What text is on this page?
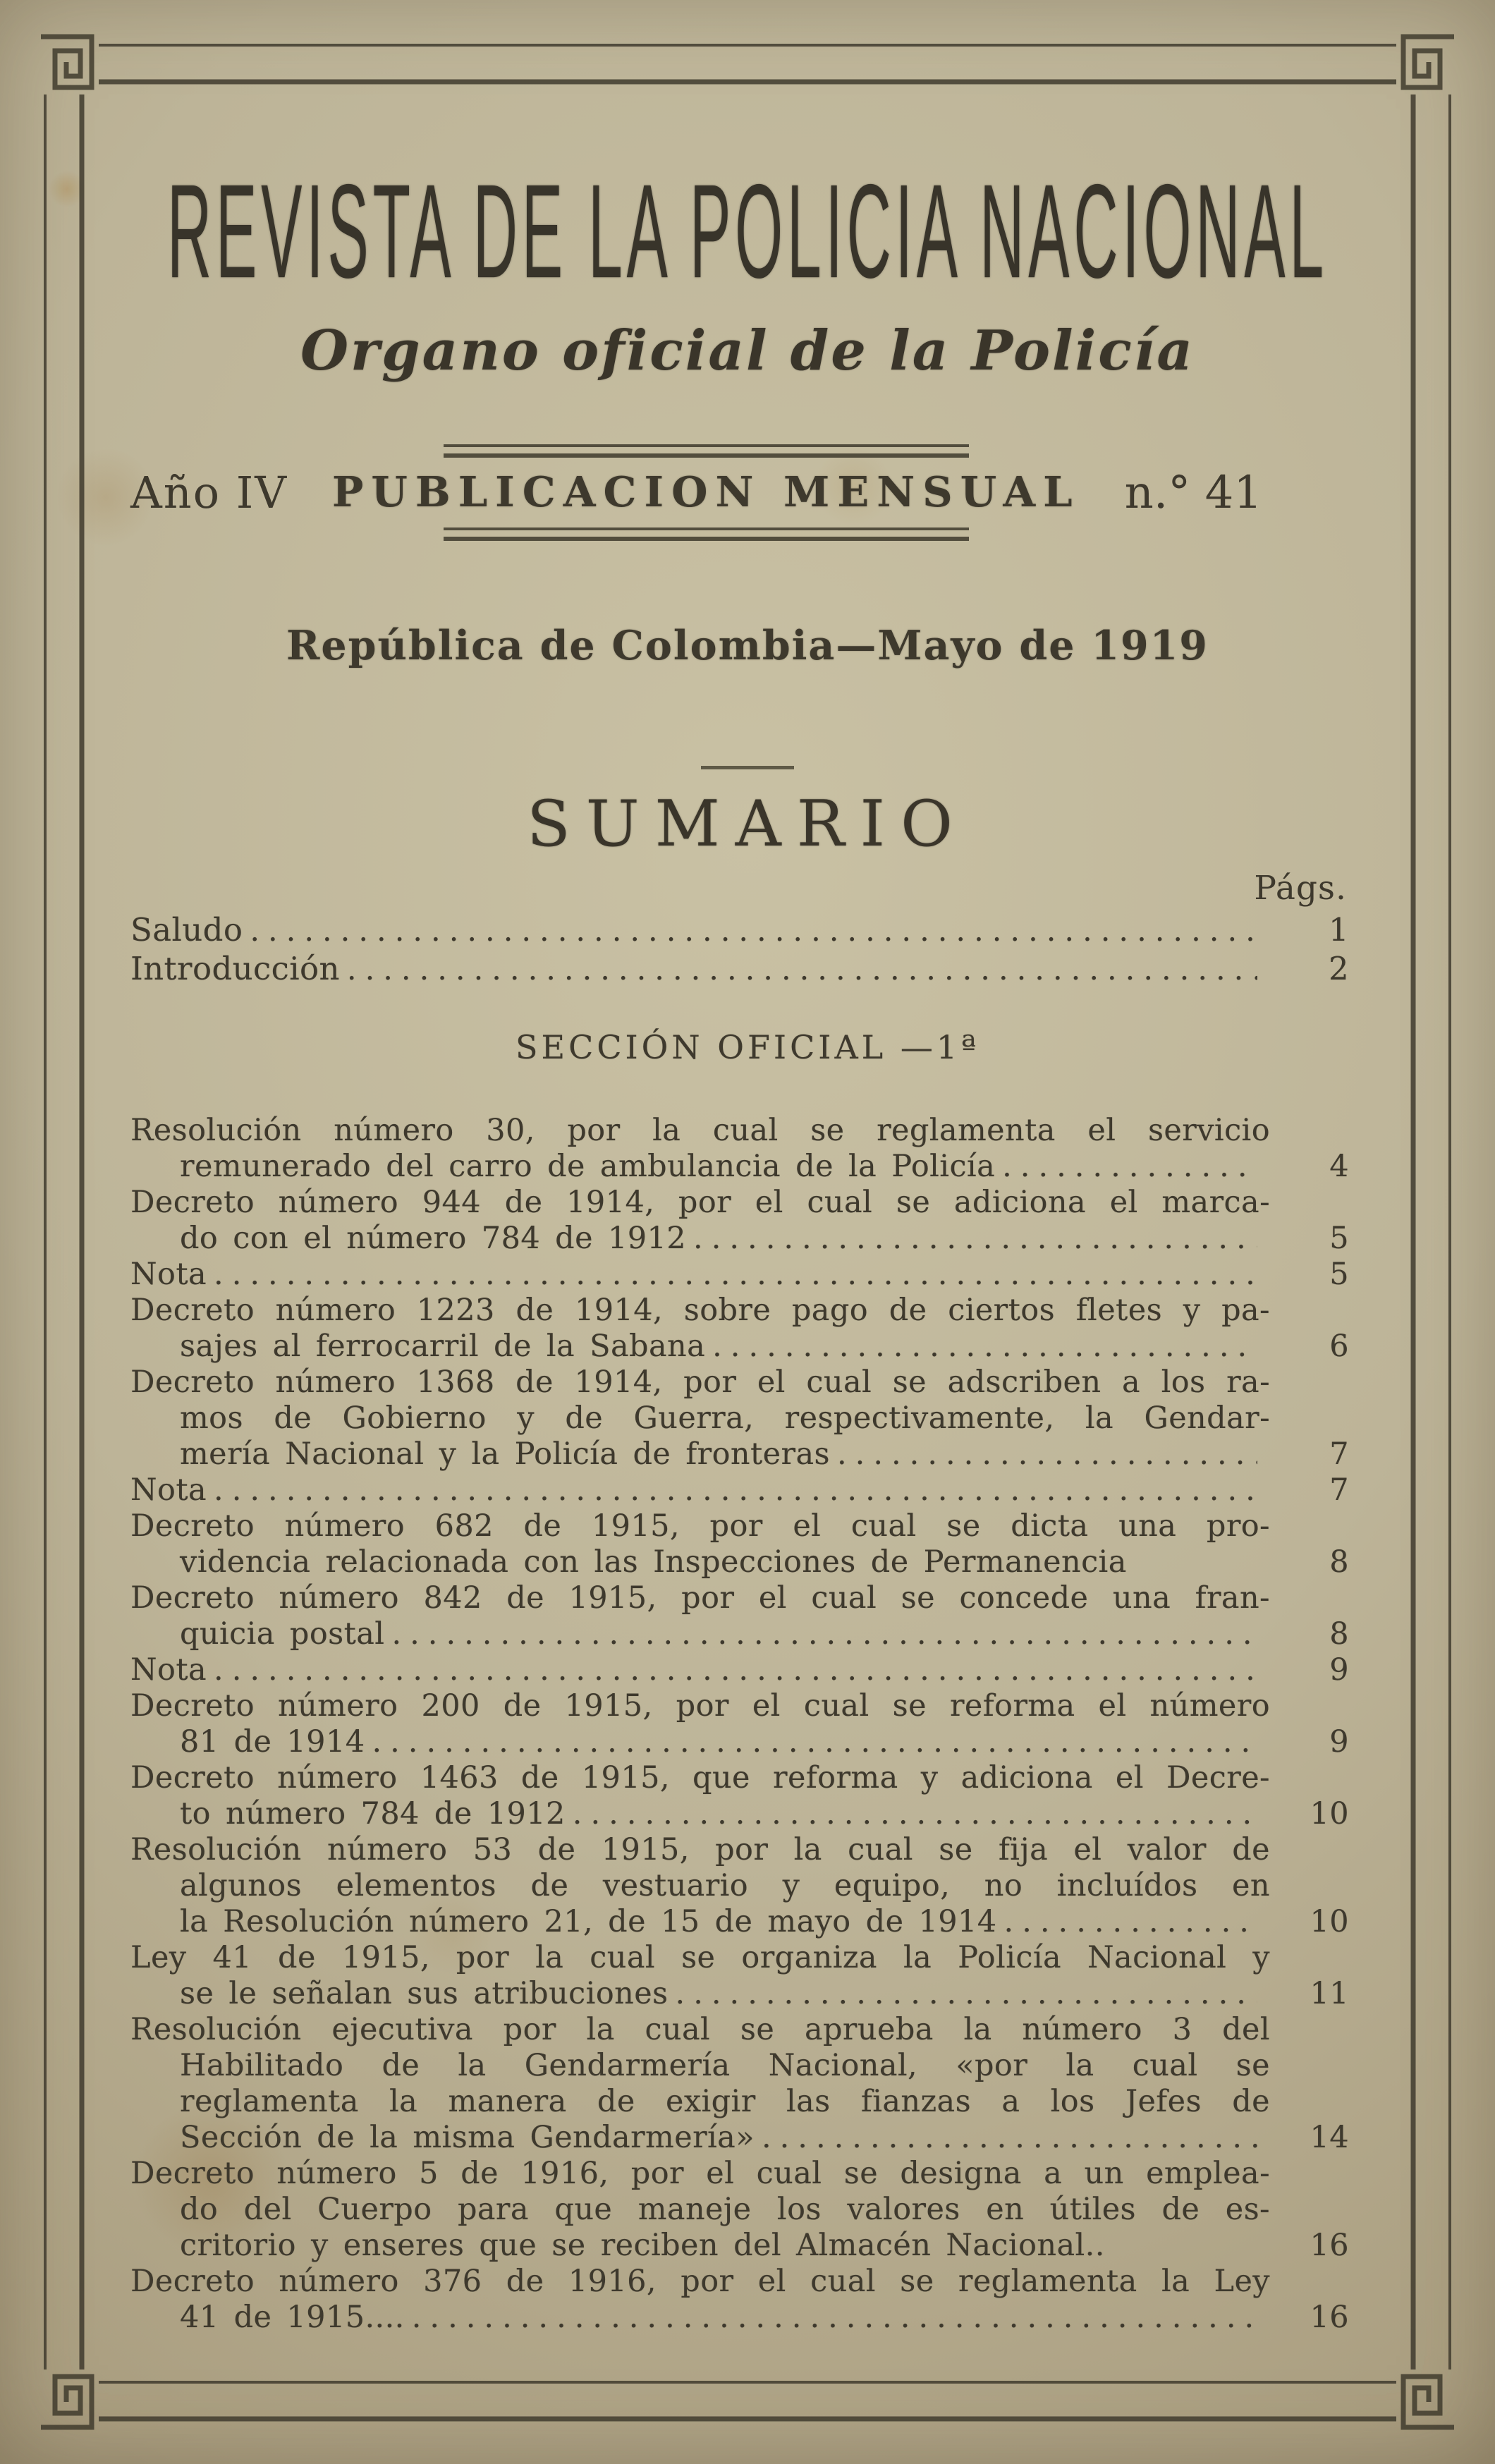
REVISTA DE LA POLICIA NACIONAL
Organo oficial de la Policía
Año IV PUBLICACION MENSUAL n.° 41
República de Colombia—Mayo de 1919
SUMARIO
Págs.
Saludo .....	1
Introducción .....	2
SECCIÓN OFICIAL —1ª
Resolución número 30, por la cual se reglamenta el servicio
remunerado del carro de ambulancia de la Policía .....	4
Decreto número 944 de 1914, por el cual se adiciona el marca-
do con el número 784 de 1912 .....	5
Nota .....	5
Decreto número 1223 de 1914, sobre pago de ciertos fletes y pa-
sajes al ferrocarril de la Sabana .....	6
Decreto número 1368 de 1914, por el cual se adscriben a los ra-
mos de Gobierno y de Guerra, respectivamente, la Gendar-
mería Nacional y la Policía de fronteras .....	7
Nota .....	7
Decreto número 682 de 1915, por el cual se dicta una pro-
videncia relacionada con las Inspecciones de Permanencia	8
Decreto número 842 de 1915, por el cual se concede una fran-
quicia postal .....	8
Nota .....	9
Decreto número 200 de 1915, por el cual se reforma el número
81 de 1914 .....	9
Decreto número 1463 de 1915, que reforma y adiciona el Decre-
to número 784 de 1912 .....	10
Resolución número 53 de 1915, por la cual se fija el valor de
algunos elementos de vestuario y equipo, no incluídos en
la Resolución número 21, de 15 de mayo de 1914 .....	10
Ley 41 de 1915, por la cual se organiza la Policía Nacional y
se le señalan sus atribuciones .....	11
Resolución ejecutiva por la cual se aprueba la número 3 del
Habilitado de la Gendarmería Nacional, «por la cual se
reglamenta la manera de exigir las fianzas a los Jefes de
Sección de la misma Gendarmería» .....	14
Decreto número 5 de 1916, por el cual se designa a un emplea-
do del Cuerpo para que maneje los valores en útiles de es-
critorio y enseres que se reciben del Almacén Nacional..	16
Decreto número 376 de 1916, por el cual se reglamenta la Ley
41 de 1915.... .....	16
